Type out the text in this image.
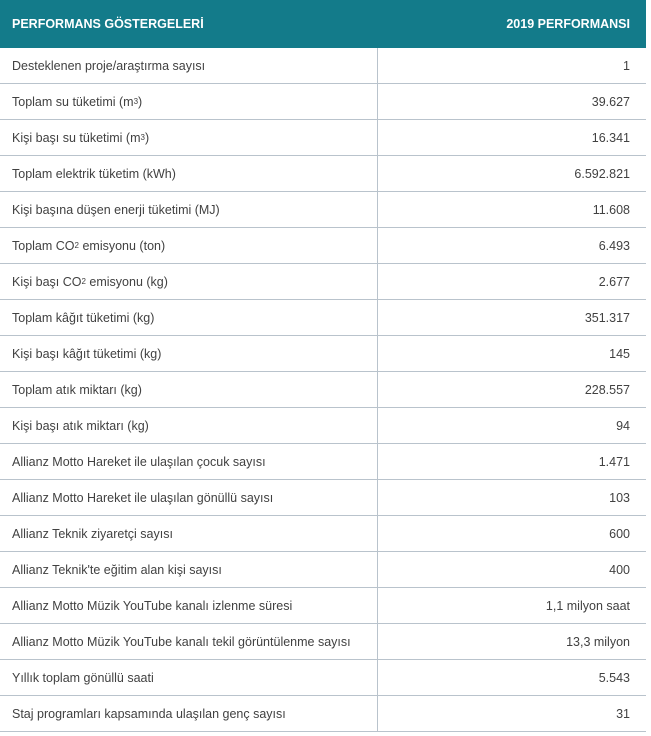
PERFORMANS GÖSTERGELERİ	2019 PERFORMANSI
Desteklenen proje/araştırma sayısı	1
Toplam su tüketimi (m 3 )	39.627
Kişi başı su tüketimi (m 3 )	16.341
Toplam elektrik tüketim (kWh)	6.592.821
Kişi başına düşen enerji tüketimi (MJ)	11.608
Toplam CO 2 emisyonu (ton)	6.493
Kişi başı CO 2 emisyonu (kg)	2.677
Toplam kâğıt tüketimi (kg)	351.317
Kişi başı kâğıt tüketimi (kg)	145
Toplam atık miktarı (kg)	228.557
Kişi başı atık miktarı (kg)	94
Allianz Motto Hareket ile ulaşılan çocuk sayısı	1.471
Allianz Motto Hareket ile ulaşılan gönüllü sayısı	103
Allianz Teknik ziyaretçi sayısı	600
Allianz Teknik'te eğitim alan kişi sayısı	400
Allianz Motto Müzik YouTube kanalı izlenme süresi	1,1 milyon saat
Allianz Motto Müzik YouTube kanalı tekil görüntülenme sayısı	13,3 milyon
Yıllık toplam gönüllü saati	5.543
Staj programları kapsamında ulaşılan genç sayısı	31
